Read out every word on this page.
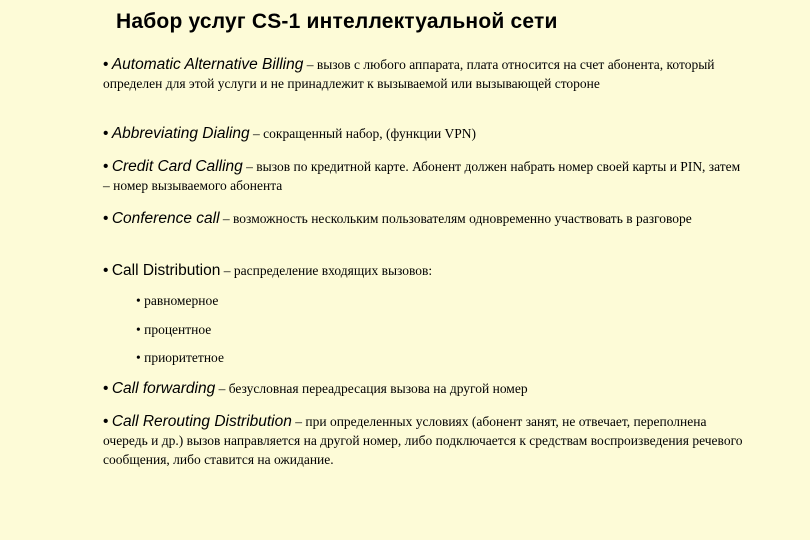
Набор услуг CS-1 интеллектуальной сети
• Automatic Alternative Billing – вызов с любого аппарата, плата относится на счет абонента, который определен для этой услуги и не принадлежит к вызываемой или вызывающей стороне
• Abbreviating Dialing – сокращенный набор, (функции VPN)
• Credit Card Calling – вызов по кредитной карте. Абонент должен набрать номер своей карты и PIN, затем – номер вызываемого абонента
• Conference call – возможность нескольким пользователям одновременно участвовать в разговоре
• Call Distribution – распределение входящих вызовов:
• равномерное
• процентное
• приоритетное
• Call forwarding – безусловная переадресация вызова на другой номер
• Call Rerouting Distribution – при определенных условиях (абонент занят, не отвечает, переполнена очередь и др.) вызов направляется на другой номер, либо подключается к средствам воспроизведения речевого сообщения, либо ставится на ожидание.
